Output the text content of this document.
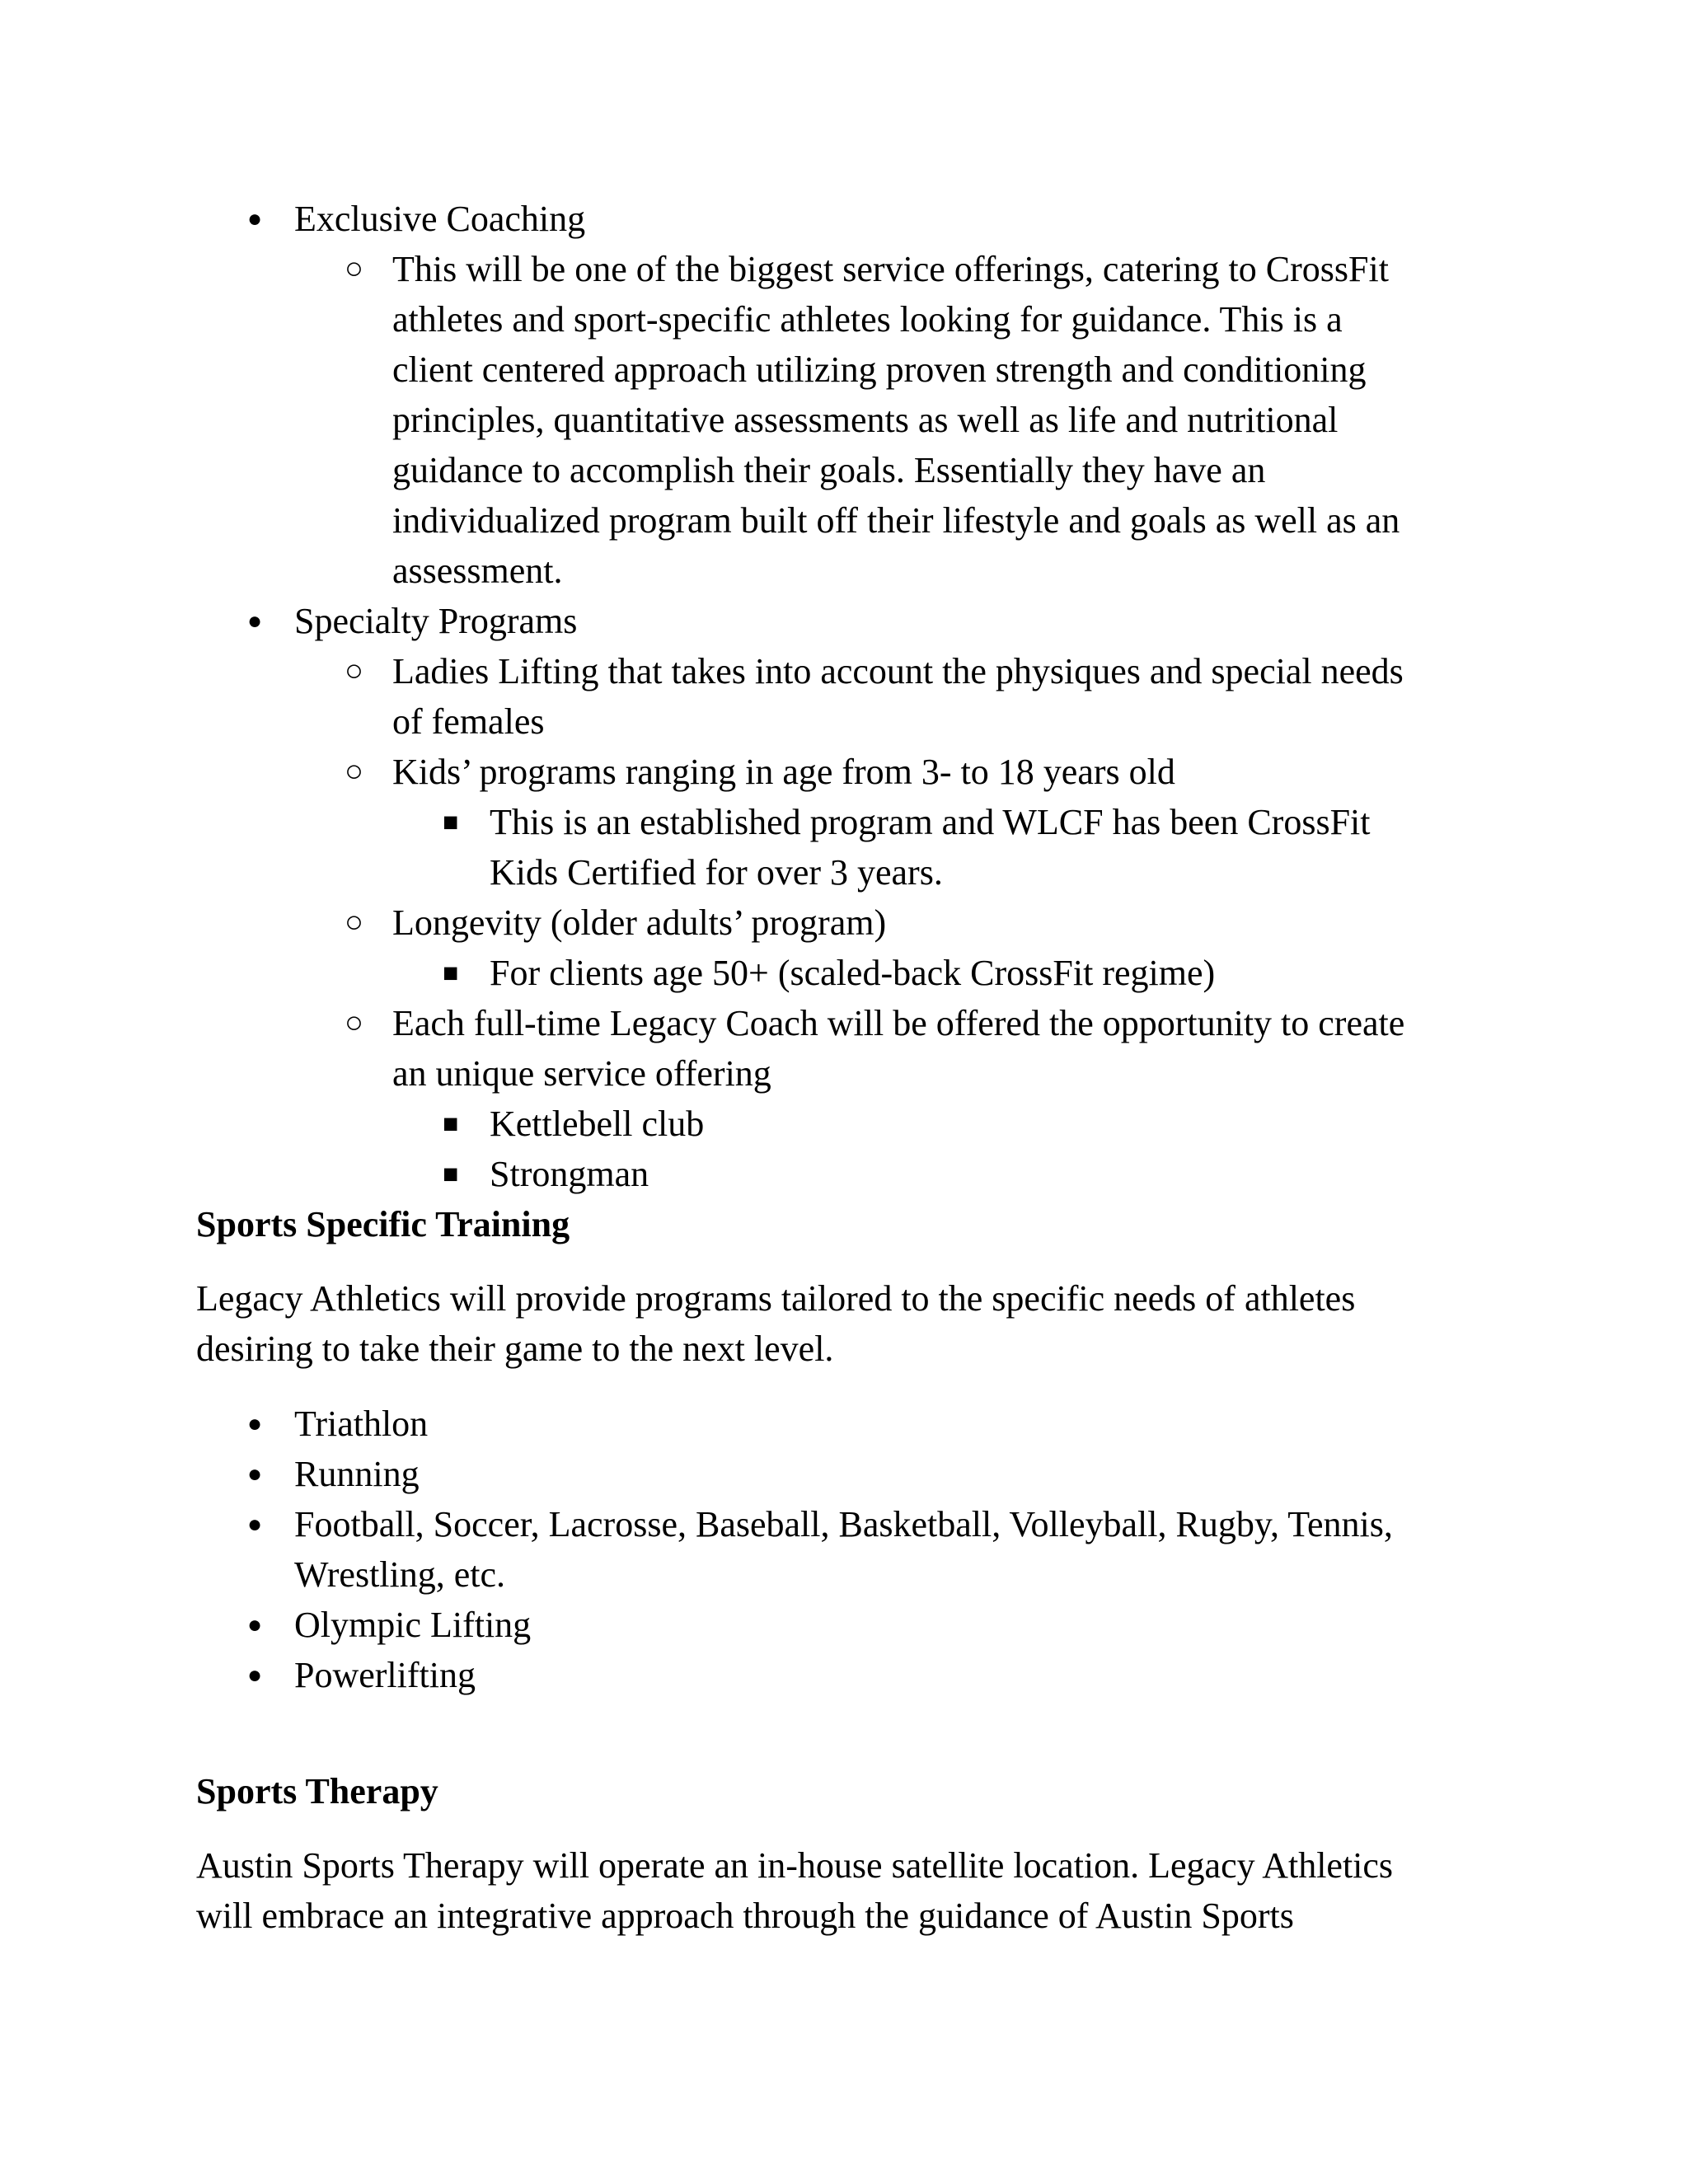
● Exclusive Coaching
○ This will be one of the biggest service offerings, catering to CrossFit
athletes and sport-specific athletes looking for guidance. This is a
client centered approach utilizing proven strength and conditioning
principles, quantitative assessments as well as life and nutritional
guidance to accomplish their goals. Essentially they have an
individualized program built off their lifestyle and goals as well as an
assessment.
● Specialty Programs
○ Ladies Lifting that takes into account the physiques and special needs
of females
○ Kids’ programs ranging in age from 3- to 18 years old
■ This is an established program and WLCF has been CrossFit
Kids Certified for over 3 years.
○ Longevity (older adults’ program)
■ For clients age 50+ (scaled-back CrossFit regime)
○ Each full-time Legacy Coach will be offered the opportunity to create
an unique service offering
■ Kettlebell club
■ Strongman
Sports Specific Training
Legacy Athletics will provide programs tailored to the specific needs of athletes
desiring to take their game to the next level.
● Triathlon
● Running
● Football, Soccer, Lacrosse, Baseball, Basketball, Volleyball, Rugby, Tennis,
Wrestling, etc.
● Olympic Lifting
● Powerlifting
Sports Therapy
Austin Sports Therapy will operate an in-house satellite location. Legacy Athletics
will embrace an integrative approach through the guidance of Austin Sports
